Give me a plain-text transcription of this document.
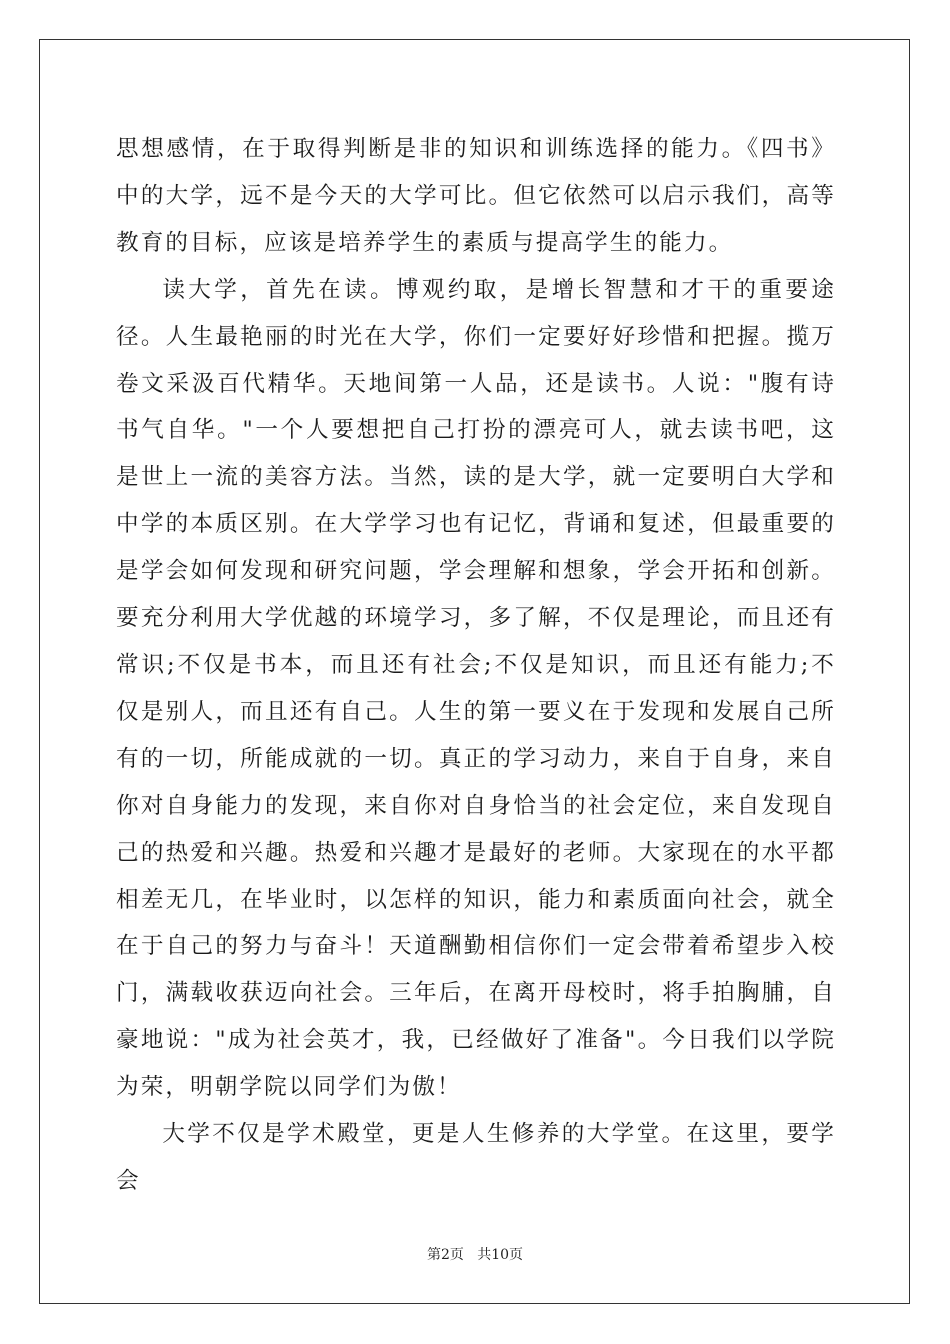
思想感情，在于取得判断是非的知识和训练选择的能力。《四书》中的大学，远不是今天的大学可比。但它依然可以启示我们，高等教育的目标，应该是培养学生的素质与提高学生的能力。

读大学，首先在读。博观约取，是增长智慧和才干的重要途径。人生最艳丽的时光在大学，你们一定要好好珍惜和把握。揽万卷文采汲百代精华。天地间第一人品，还是读书。人说："腹有诗书气自华。"一个人要想把自己打扮的漂亮可人，就去读书吧，这是世上一流的美容方法。当然，读的是大学，就一定要明白大学和中学的本质区别。在大学学习也有记忆，背诵和复述，但最重要的是学会如何发现和研究问题，学会理解和想象，学会开拓和创新。要充分利用大学优越的环境学习，多了解，不仅是理论，而且还有常识;不仅是书本，而且还有社会;不仅是知识，而且还有能力;不仅是别人，而且还有自己。人生的第一要义在于发现和发展自己所有的一切，所能成就的一切。真正的学习动力，来自于自身，来自你对自身能力的发现，来自你对自身恰当的社会定位，来自发现自己的热爱和兴趣。热爱和兴趣才是最好的老师。大家现在的水平都相差无几，在毕业时，以怎样的知识，能力和素质面向社会，就全在于自己的努力与奋斗！天道酬勤相信你们一定会带着希望步入校门，满载收获迈向社会。三年后，在离开母校时，将手拍胸脯，自豪地说："成为社会英才，我，已经做好了准备"。今日我们以学院为荣，明朝学院以同学们为傲！

大学不仅是学术殿堂，更是人生修养的大学堂。在这里，要学会

第2页   共10页
